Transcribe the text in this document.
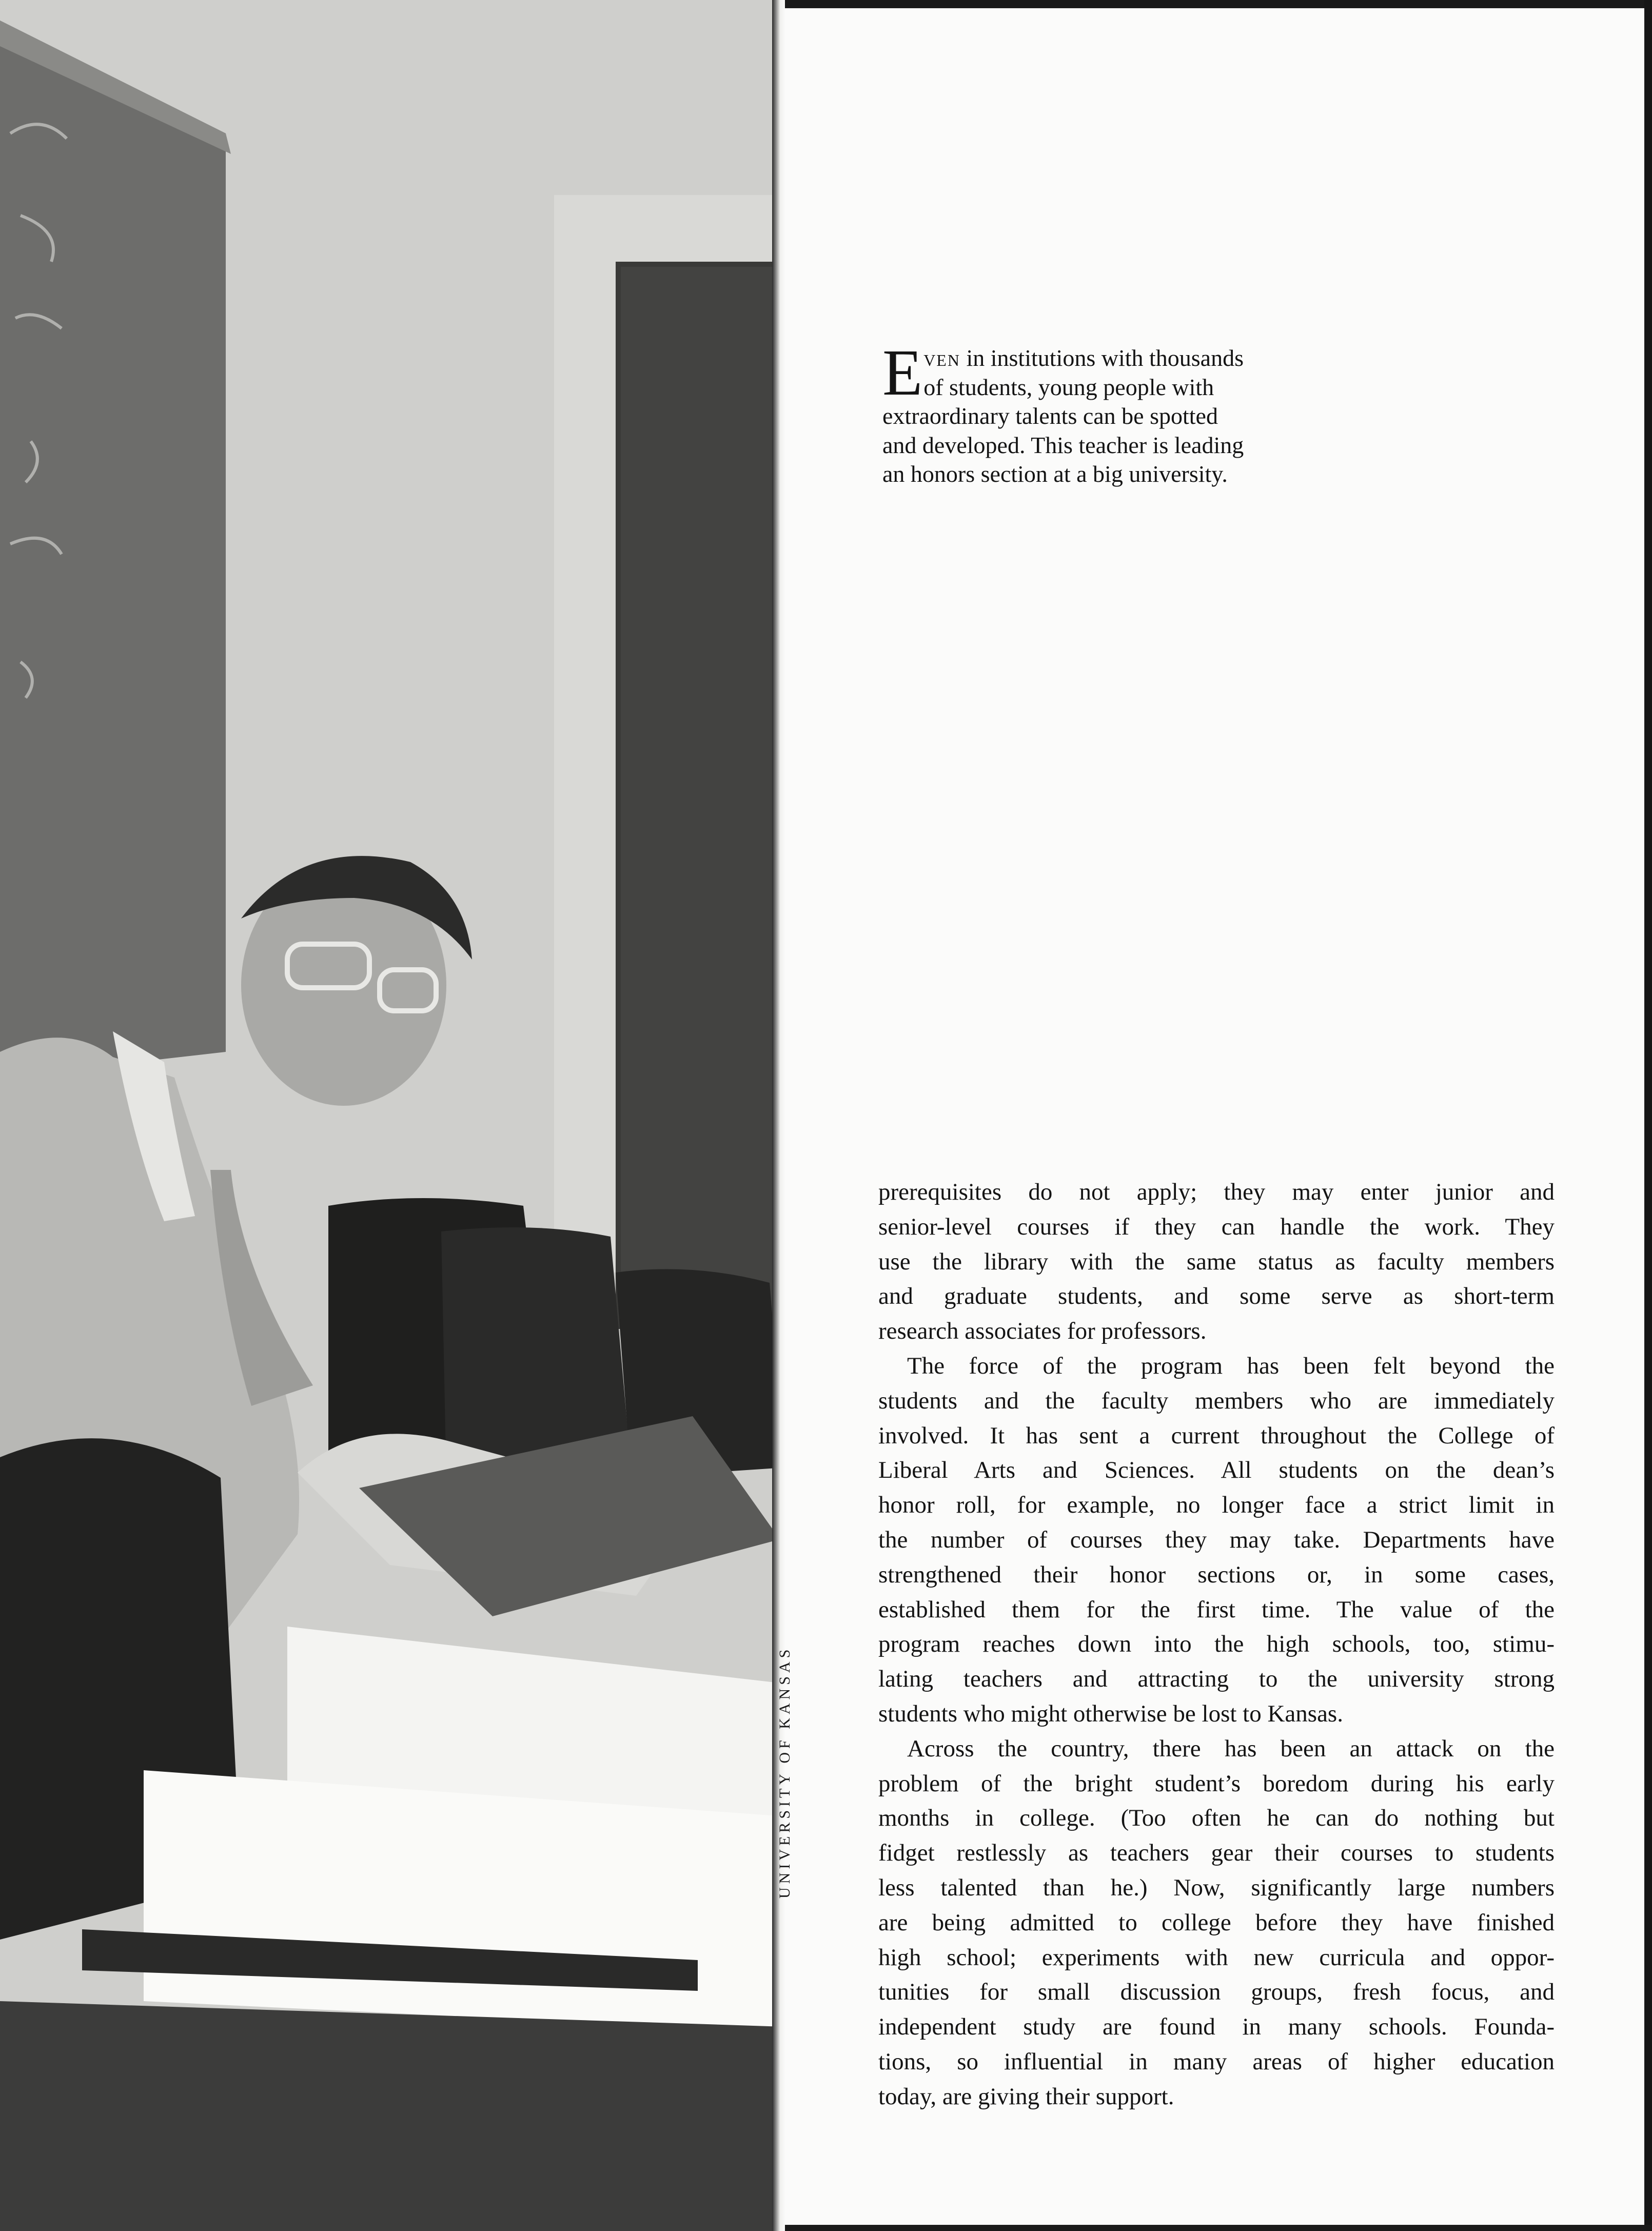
UNIVERSITY OF KANSAS

Even in institutions with thousands
of students, young people with
extraordinary talents can be spotted
and developed. This teacher is leading
an honors section at a big university.

prerequisites do not apply; they may enter junior and
senior-level courses if they can handle the work. They
use the library with the same status as faculty members
and graduate students, and some serve as short-term
research associates for professors.

The force of the program has been felt beyond the
students and the faculty members who are immediately
involved. It has sent a current throughout the College of
Liberal Arts and Sciences. All students on the dean’s
honor roll, for example, no longer face a strict limit in
the number of courses they may take. Departments have
strengthened their honor sections or, in some cases,
established them for the first time. The value of the
program reaches down into the high schools, too, stimu-
lating teachers and attracting to the university strong
students who might otherwise be lost to Kansas.

Across the country, there has been an attack on the
problem of the bright student’s boredom during his early
months in college. (Too often he can do nothing but
fidget restlessly as teachers gear their courses to students
less talented than he.) Now, significantly large numbers
are being admitted to college before they have finished
high school; experiments with new curricula and oppor-
tunities for small discussion groups, fresh focus, and
independent study are found in many schools. Founda-
tions, so influential in many areas of higher education
today, are giving their support.
